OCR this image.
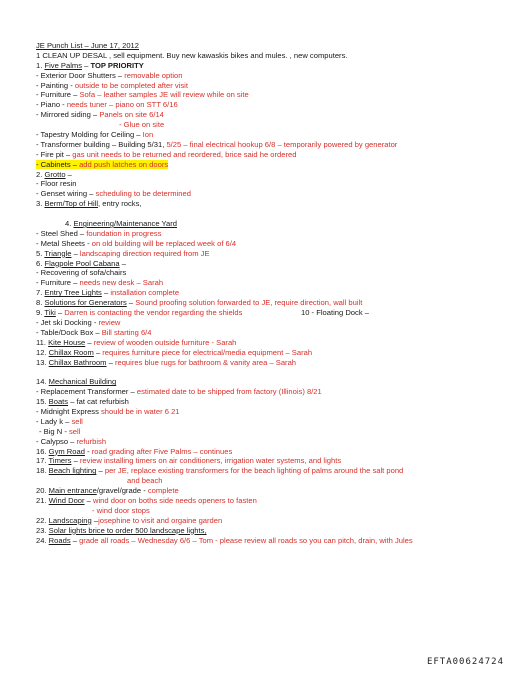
JE Punch List – June 17, 2012
1 CLEAN UP DESAL , sell equipment. Buy new kawaskis bikes and mules. , new computers.
1. Five Palms – TOP PRIORITY
- Exterior Door Shutters – removable option
- Painting - outside to be completed after visit
- Furniture – Sofa – leather samples JE will review while on site
- Piano - needs tuner – piano on STT 6/16
- Mirrored siding – Panels on site 6/14
- Glue on site
- Tapestry Molding for Ceiling – Ion
- Transformer building – Building 5/31, 5/25 – final electrical hookup 6/8 – temporarily powered by generator
- Fire pit – gas unit needs to be returned and reordered, brice said he ordered
- Cabinets – add push latches on doors
2. Grotto –
- Floor resin
- Genset wiring – scheduling to be determined
3. Berm/Top of Hill, entry rocks,
4. Engineering/Maintenance Yard
- Steel Shed – foundation in progress
- Metal Sheets - on old building will be replaced week of 6/4
5. Triangle – landscaping direction required from JE
6. Flagpole Pool Cabana –
- Recovering of sofa/chairs
- Furniture – needs new desk – Sarah
7. Entry Tree Lights – installation complete
8. Solutions for Generators – Sound proofing solution forwarded to JE, require direction, wall built
9. Tiki – Darren is contacting the vendor regarding the shields	10 - Floating Dock –
- Jet ski Docking - review
- Table/Dock Box – Bill starting 6/4
11. Kite House – review of wooden outside furniture - Sarah
12. Chillax Room – requires furniture piece for electrical/media equipment – Sarah
13. Chillax Bathroom – requires blue rugs for bathroom & vanity area – Sarah
14. Mechanical Building
- Replacement Transformer – estimated date to be shipped from factory (Illinois) 8/21
15. Boats – fat cat refurbish
- Midnight Express should be in water 6 21
- Lady k – sell
- Big N - sell
- Calypso – refurbish
16. Gym Road - road grading after Five Palms – continues
17. Timers – review installing timers on air conditioners, irrigation water systems, and lights
18. Beach lighting – per JE, replace existing transformers for the beach lighting of palms around the salt pond
and beach
20. Main entrance/gravel/grade - complete
21. Wind Door – wind door on boths side needs openers to fasten
- wind door stops
22. Landscaping –josephine to visit and orgaine garden
23. Solar lights brice to order 500 landscape lights,
24. Roads – grade all roads – Wednesday 6/6 – Tom - please review all roads so you can pitch, drain, with Jules
EFTA00624724
